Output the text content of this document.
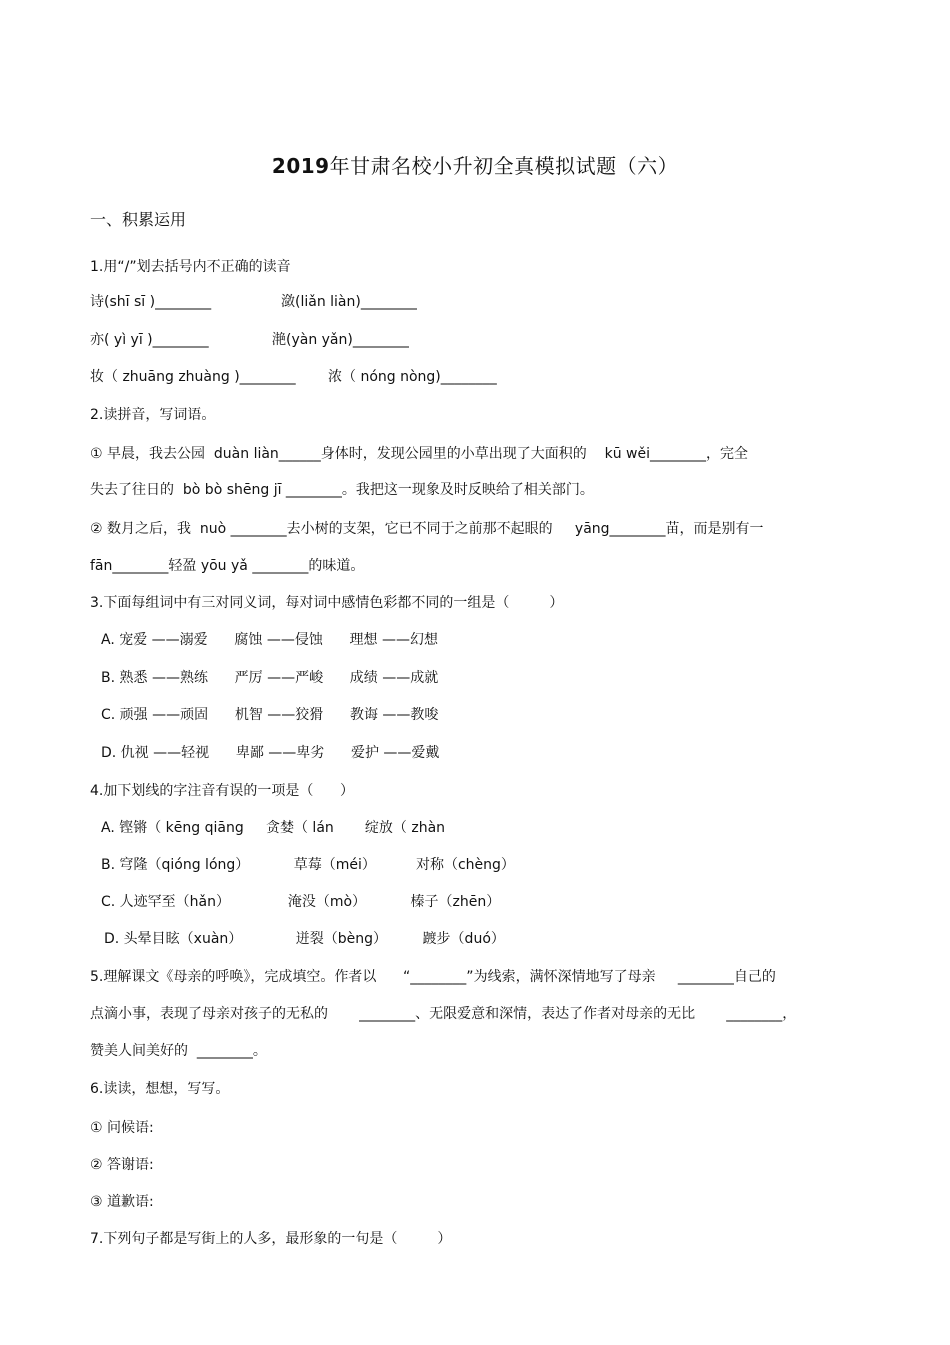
2019年甘肃名校小升初全真模拟试题（六）
一、积累运用
1.用“/”划去括号内不正确的读音
诗(shī sī )________	潋(liǎn liàn)________
亦( yì yī )________	滟(yàn yǎn)________
妆（ zhuāng zhuàng )________ 浓（ nóng nòng)________
2.读拼音，写词语。
① 早晨，我去公园  duàn liàn______身体时，发现公园里的小草出现了大面积的    kū wěi________，完全
失去了往日的  bò bò shēng jī ________。我把这一现象及时反映给了相关部门。
② 数月之后，我  nuò ________去小树的支架，它已不同于之前那不起眼的     yāng________苗，而是别有一
fān________轻盈 yōu yǎ ________的味道。
3.下面每组词中有三对同义词，每对词中感情色彩都不同的一组是（         ）
A. 宠爱 ——溺爱      腐蚀 ——侵蚀      理想 ——幻想
B. 熟悉 ——熟练      严厉 ——严峻      成绩 ——成就
C. 顽强 ——顽固      机智 ——狡猾      教诲 ——教唆
D. 仇视 ——轻视      卑鄙 ——卑劣      爱护 ——爱戴
4.加下划线的字注音有误的一项是（      ）
A. 铿锵（ kēng qiāng     贪婪（ lán       绽放（ zhàn
B. 穹隆（qióng lóng）          草莓（méi）         对称（chèng）
C. 人迹罕至（hǎn）             淹没（mò）          榛子（zhēn）
D. 头晕目眩（xuàn）            迸裂（bèng）        踱步（duó）
5.理解课文《母亲的呼唤》，完成填空。作者以      “________”为线索，满怀深情地写了母亲     ________自己的
点滴小事，表现了母亲对孩子的无私的       ________、无限爱意和深情，表达了作者对母亲的无比       ________，
赞美人间美好的  ________。
6.读读，想想，写写。
① 问候语:
② 答谢语:
③ 道歉语:
7.下列句子都是写街上的人多，最形象的一句是（         ）
